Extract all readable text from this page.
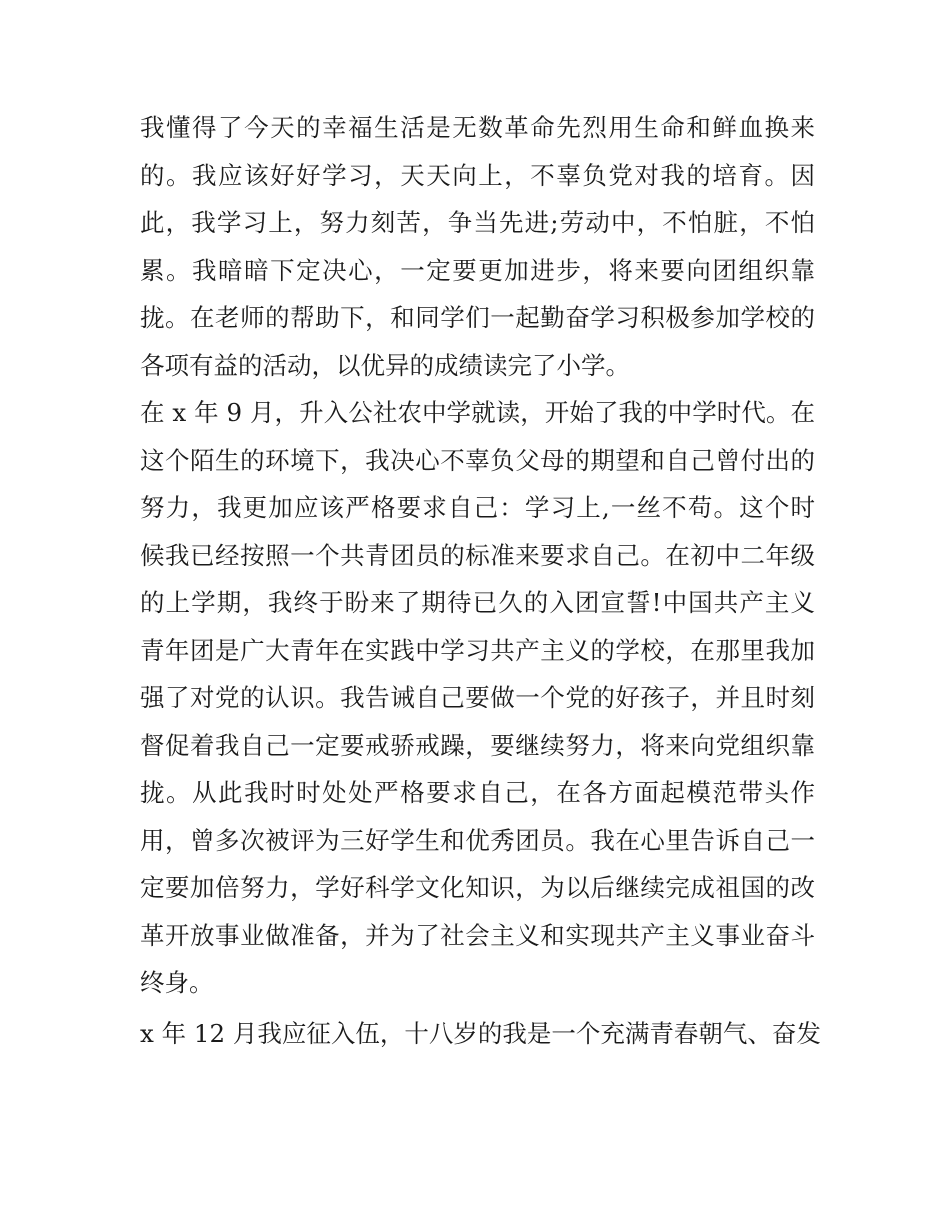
我懂得了今天的幸福生活是无数革命先烈用生命和鲜血换来
的。我应该好好学习，天天向上，不辜负党对我的培育。因
此，我学习上，努力刻苦，争当先进;劳动中，不怕脏，不怕
累。我暗暗下定决心，一定要更加进步，将来要向团组织靠
拢。在老师的帮助下，和同学们一起勤奋学习积极参加学校的
各项有益的活动，以优异的成绩读完了小学。
在 x 年 9 月，升入公社农中学就读，开始了我的中学时代。在
这个陌生的环境下，我决心不辜负父母的期望和自己曾付出的
努力，我更加应该严格要求自己：学习上,一丝不苟。这个时
候我已经按照一个共青团员的标准来要求自己。在初中二年级
的上学期，我终于盼来了期待已久的入团宣誓!中国共产主义
青年团是广大青年在实践中学习共产主义的学校，在那里我加
强了对党的认识。我告诫自己要做一个党的好孩子，并且时刻
督促着我自己一定要戒骄戒躁，要继续努力，将来向党组织靠
拢。从此我时时处处严格要求自己，在各方面起模范带头作
用，曾多次被评为三好学生和优秀团员。我在心里告诉自己一
定要加倍努力，学好科学文化知识，为以后继续完成祖国的改
革开放事业做准备，并为了社会主义和实现共产主义事业奋斗
终身。
x 年 12 月我应征入伍，十八岁的我是一个充满青春朝气、奋发
